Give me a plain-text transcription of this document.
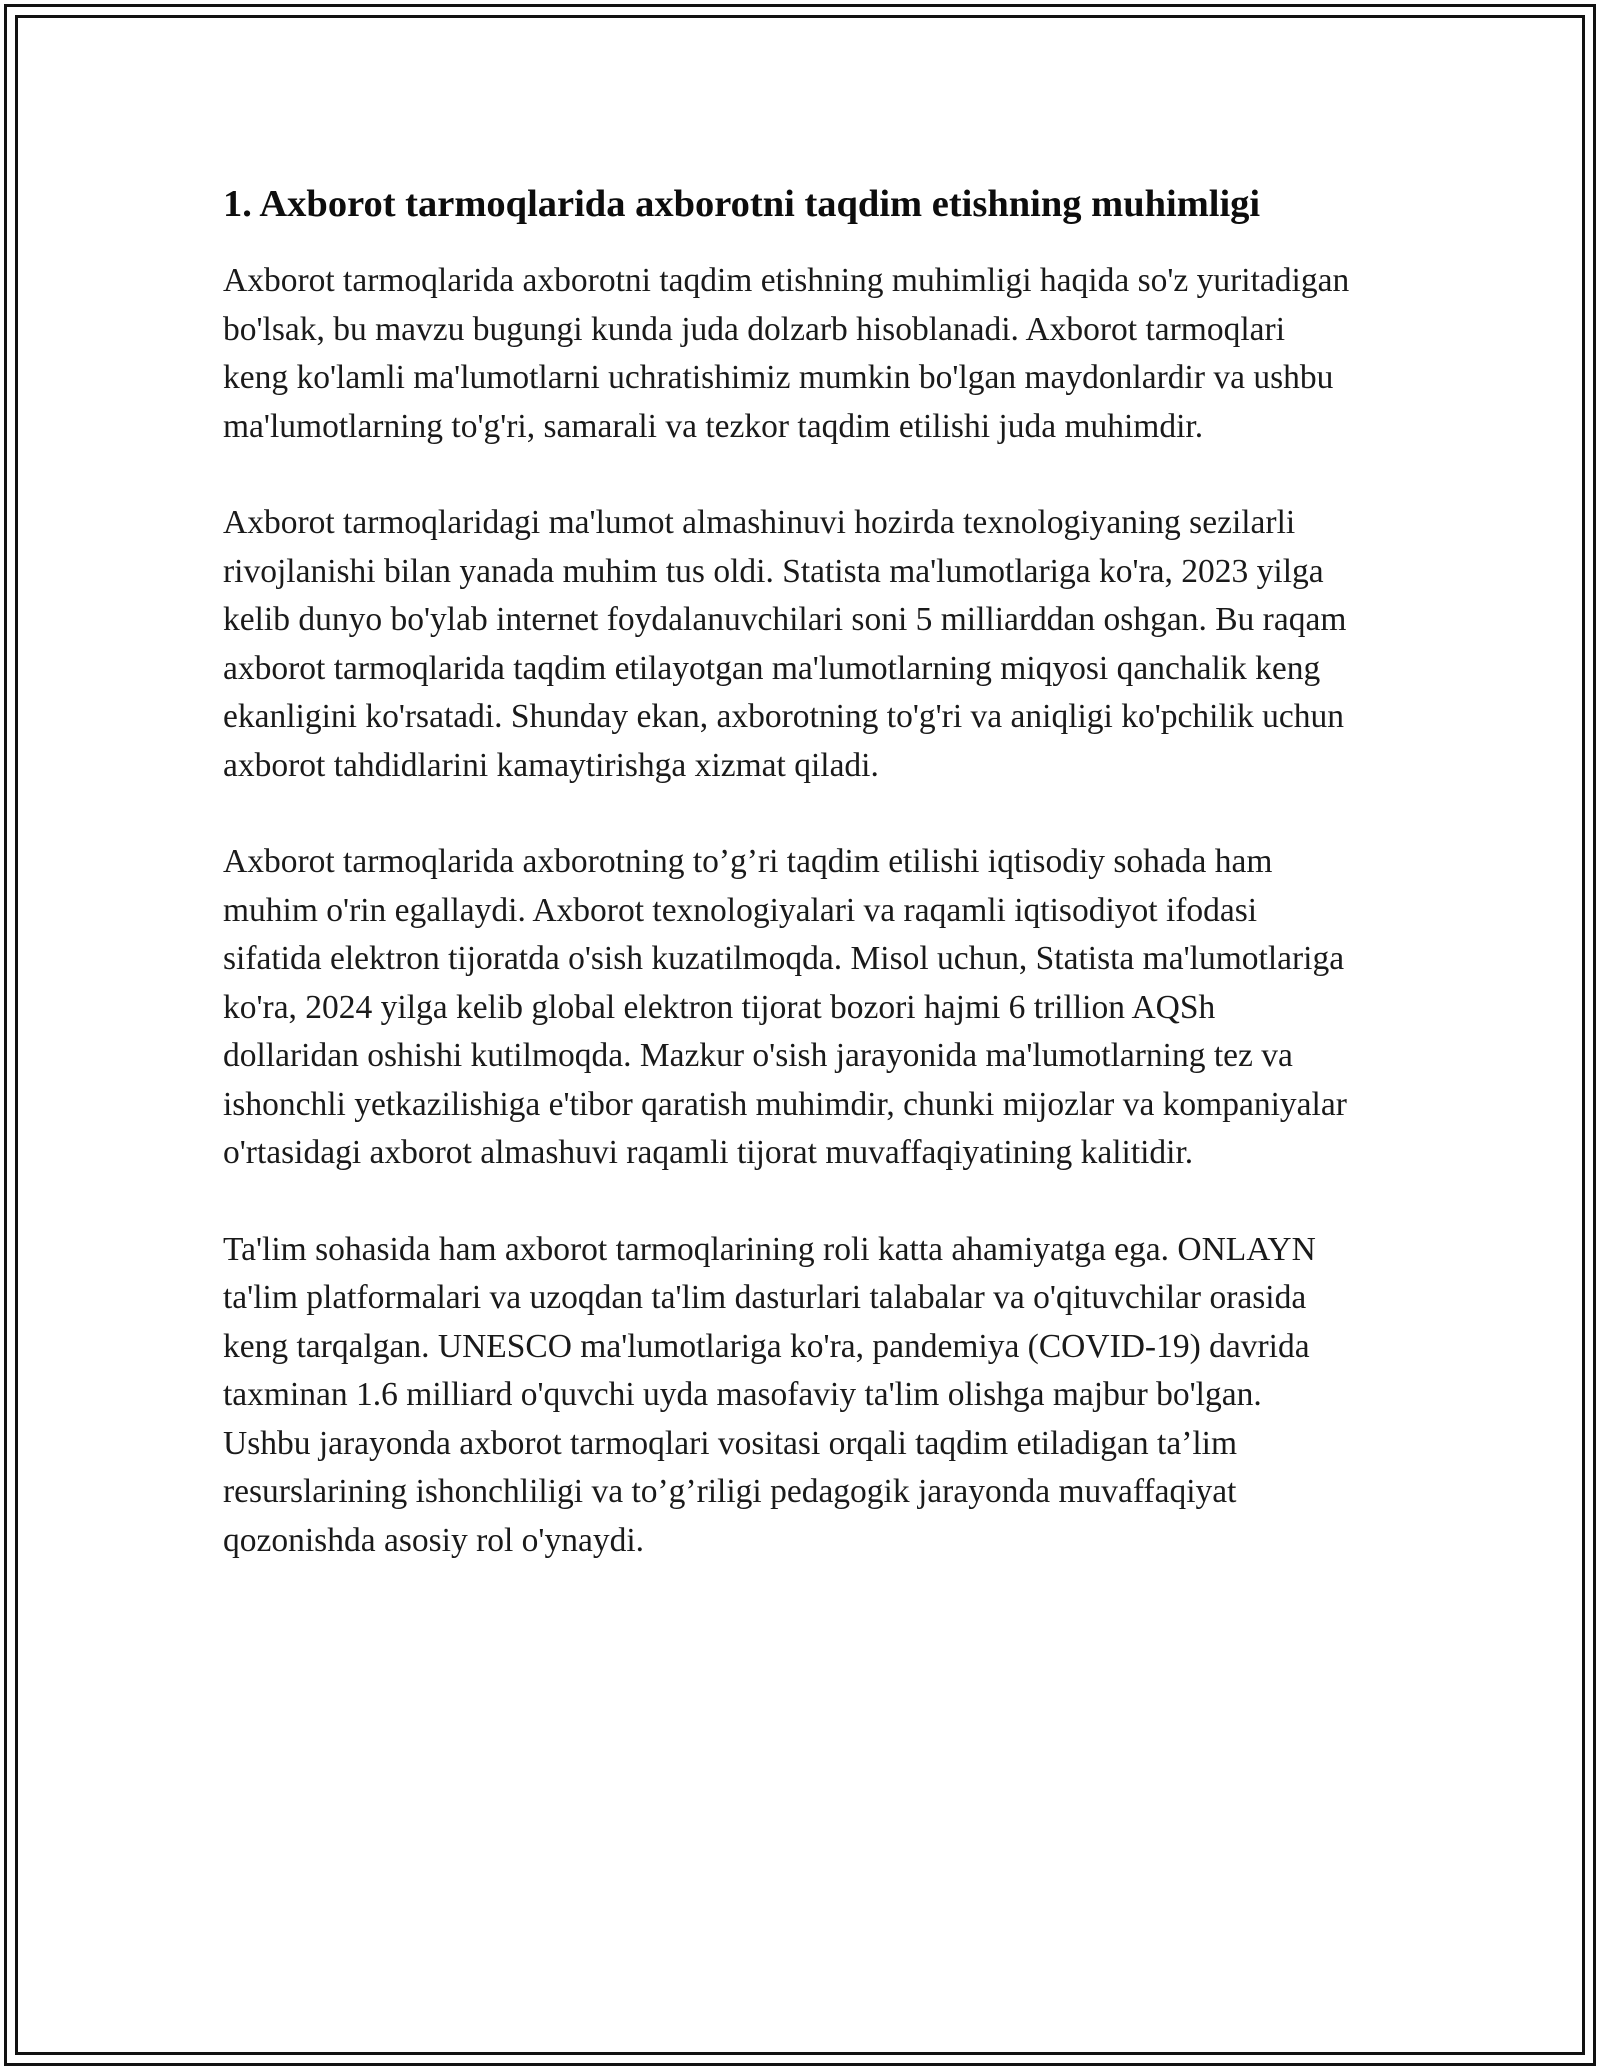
1. Axborot tarmoqlarida axborotni taqdim etishning muhimligi

Axborot tarmoqlarida axborotni taqdim etishning muhimligi haqida so'z yuritadigan bo'lsak, bu mavzu bugungi kunda juda dolzarb hisoblanadi. Axborot tarmoqlari keng ko'lamli ma'lumotlarni uchratishimiz mumkin bo'lgan maydonlardir va ushbu ma'lumotlarning to'g'ri, samarali va tezkor taqdim etilishi juda muhimdir.

Axborot tarmoqlaridagi ma'lumot almashinuvi hozirda texnologiyaning sezilarli rivojlanishi bilan yanada muhim tus oldi. Statista ma'lumotlariga ko'ra, 2023 yilga kelib dunyo bo'ylab internet foydalanuvchilari soni 5 milliarddan oshgan. Bu raqam axborot tarmoqlarida taqdim etilayotgan ma'lumotlarning miqyosi qanchalik keng ekanligini ko'rsatadi. Shunday ekan, axborotning to'g'ri va aniqligi ko'pchilik uchun axborot tahdidlarini kamaytirishga xizmat qiladi.

Axborot tarmoqlarida axborotning to’g’ri taqdim etilishi iqtisodiy sohada ham muhim o'rin egallaydi. Axborot texnologiyalari va raqamli iqtisodiyot ifodasi sifatida elektron tijoratda o'sish kuzatilmoqda. Misol uchun, Statista ma'lumotlariga ko'ra, 2024 yilga kelib global elektron tijorat bozori hajmi 6 trillion AQSh dollaridan oshishi kutilmoqda. Mazkur o'sish jarayonida ma'lumotlarning tez va ishonchli yetkazilishiga e'tibor qaratish muhimdir, chunki mijozlar va kompaniyalar o'rtasidagi axborot almashuvi raqamli tijorat muvaffaqiyatining kalitidir.

Ta'lim sohasida ham axborot tarmoqlarining roli katta ahamiyatga ega. ONLAYN ta'lim platformalari va uzoqdan ta'lim dasturlari talabalar va o'qituvchilar orasida keng tarqalgan. UNESCO ma'lumotlariga ko'ra, pandemiya (COVID-19) davrida taxminan 1.6 milliard o'quvchi uyda masofaviy ta'lim olishga majbur bo'lgan. Ushbu jarayonda axborot tarmoqlari vositasi orqali taqdim etiladigan ta’lim resurslarining ishonchliligi va to’g’riligi pedagogik jarayonda muvaffaqiyat qozonishda asosiy rol o'ynaydi.
